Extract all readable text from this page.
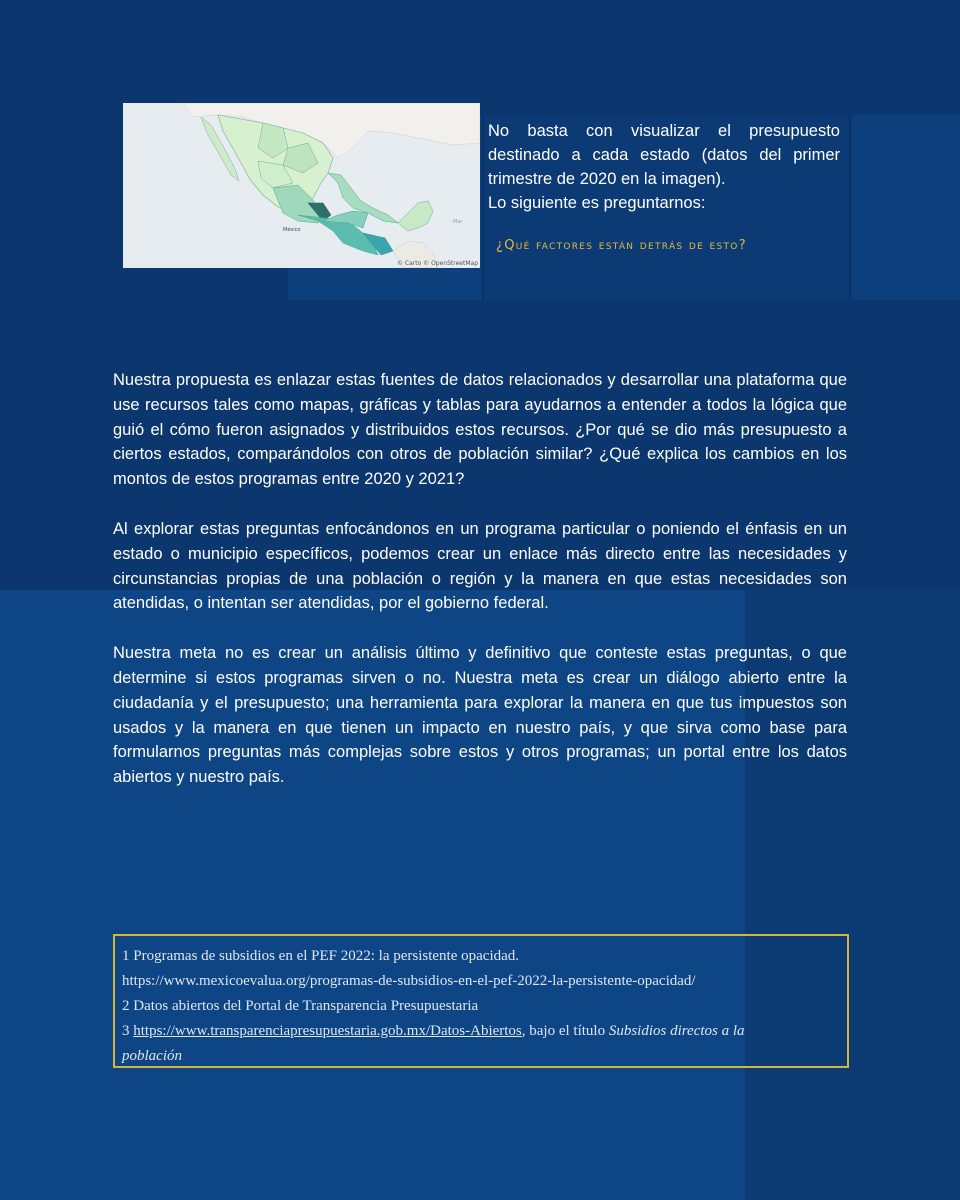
México
Mar
© Carto © OpenStreetMap

No basta con visualizar el presupuesto destinado a cada estado (datos del primer trimestre de 2020 en la imagen).

Lo siguiente es preguntarnos:

¿Qué factores están detrás de esto?

Nuestra propuesta es enlazar estas fuentes de datos relacionados y desarrollar una plataforma que use recursos tales como mapas, gráficas y tablas para ayudarnos a entender a todos la lógica que guió el cómo fueron asignados y distribuidos estos recursos. ¿Por qué se dio más presupuesto a ciertos estados, comparándolos con otros de población similar? ¿Qué explica los cambios en los montos de estos programas entre 2020 y 2021?

Al explorar estas preguntas enfocándonos en un programa particular o poniendo el énfasis en un estado o municipio específicos, podemos crear un enlace más directo entre las necesidades y circunstancias propias de una población o región y la manera en que estas necesidades son atendidas, o intentan ser atendidas, por el gobierno federal.

Nuestra meta no es crear un análisis último y definitivo que conteste estas preguntas, o que determine si estos programas sirven o no. Nuestra meta es crear un diálogo abierto entre la ciudadanía y el presupuesto; una herramienta para explorar la manera en que tus impuestos son usados y la manera en que tienen un impacto en nuestro país, y que sirva como base para formularnos preguntas más complejas sobre estos y otros programas; un portal entre los datos abiertos y nuestro país.

1 Programas de subsidios en el PEF 2022: la persistente opacidad.
https://www.mexicoevalua.org/programas-de-subsidios-en-el-pef-2022-la-persistente-opacidad/
2 Datos abiertos del Portal de Transparencia Presupuestaria
3 https://www.transparenciapresupuestaria.gob.mx/Datos-Abiertos, bajo el título Subsidios directos a la
población
